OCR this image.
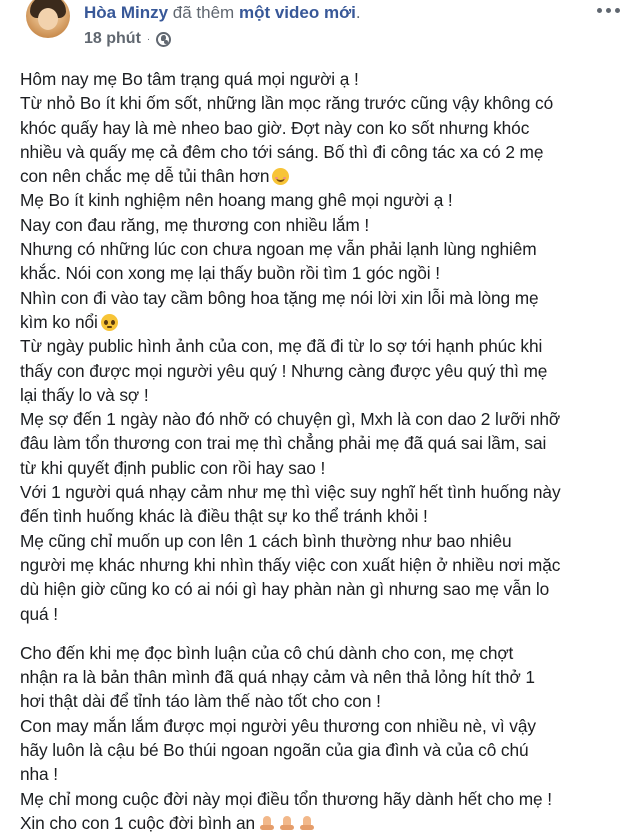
Hòa Minzy đã thêm một video mới.
18 phút ·

Hôm nay mẹ Bo tâm trạng quá mọi người ạ !

Từ nhỏ Bo ít khi ốm sốt, những lần mọc răng trước cũng vậy không có

khóc quấy hay là mè nheo bao giờ. Đợt này con ko sốt nhưng khóc

nhiều và quấy mẹ cả đêm cho tới sáng. Bố thì đi công tác xa có 2 mẹ

con nên chắc mẹ dễ tủi thân hơn

Mẹ Bo ít kinh nghiệm nên hoang mang ghê mọi người ạ !

Nay con đau răng, mẹ thương con nhiều lắm !

Nhưng có những lúc con chưa ngoan mẹ vẫn phải lạnh lùng nghiêm

khắc. Nói con xong mẹ lại thấy buồn rồi tìm 1 góc ngồi !

Nhìn con đi vào tay cầm bông hoa tặng mẹ nói lời xin lỗi mà lòng mẹ

kìm ko nổi

Từ ngày public hình ảnh của con, mẹ đã đi từ lo sợ tới hạnh phúc khi

thấy con được mọi người yêu quý ! Nhưng càng được yêu quý thì mẹ

lại thấy lo và sợ !

Mẹ sợ đến 1 ngày nào đó nhỡ có chuyện gì, Mxh là con dao 2 lưỡi nhỡ

đâu làm tổn thương con trai mẹ thì chẳng phải mẹ đã quá sai lầm, sai

từ khi quyết định public con rồi hay sao !

Với 1 người quá nhạy cảm như mẹ thì việc suy nghĩ hết tình huống này

đến tình huống khác là điều thật sự ko thể tránh khỏi !

Mẹ cũng chỉ muốn up con lên 1 cách bình thường như bao nhiêu

người mẹ khác nhưng khi nhìn thấy việc con xuất hiện ở nhiều nơi mặc

dù hiện giờ cũng ko có ai nói gì hay phàn nàn gì nhưng sao mẹ vẫn lo

quá !

Cho đến khi mẹ đọc bình luận của cô chú dành cho con, mẹ chợt

nhận ra là bản thân mình đã quá nhạy cảm và nên thả lỏng hít thở 1

hơi thật dài để tỉnh táo làm thế nào tốt cho con !

Con may mắn lắm được mọi người yêu thương con nhiều nè, vì vậy

hãy luôn là cậu bé Bo thúi ngoan ngoãn của gia đình và của cô chú

nha !

Mẹ chỉ mong cuộc đời này mọi điều tổn thương hãy dành hết cho mẹ !

Xin cho con 1 cuộc đời bình an
